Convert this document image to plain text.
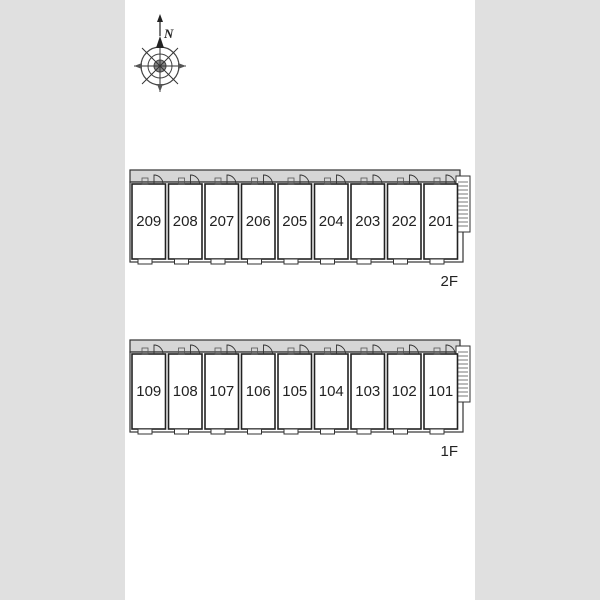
N
209 208 207 206 205 204 203 202 201
2F
109 108 107 106 105 104 103 102 101
1F
